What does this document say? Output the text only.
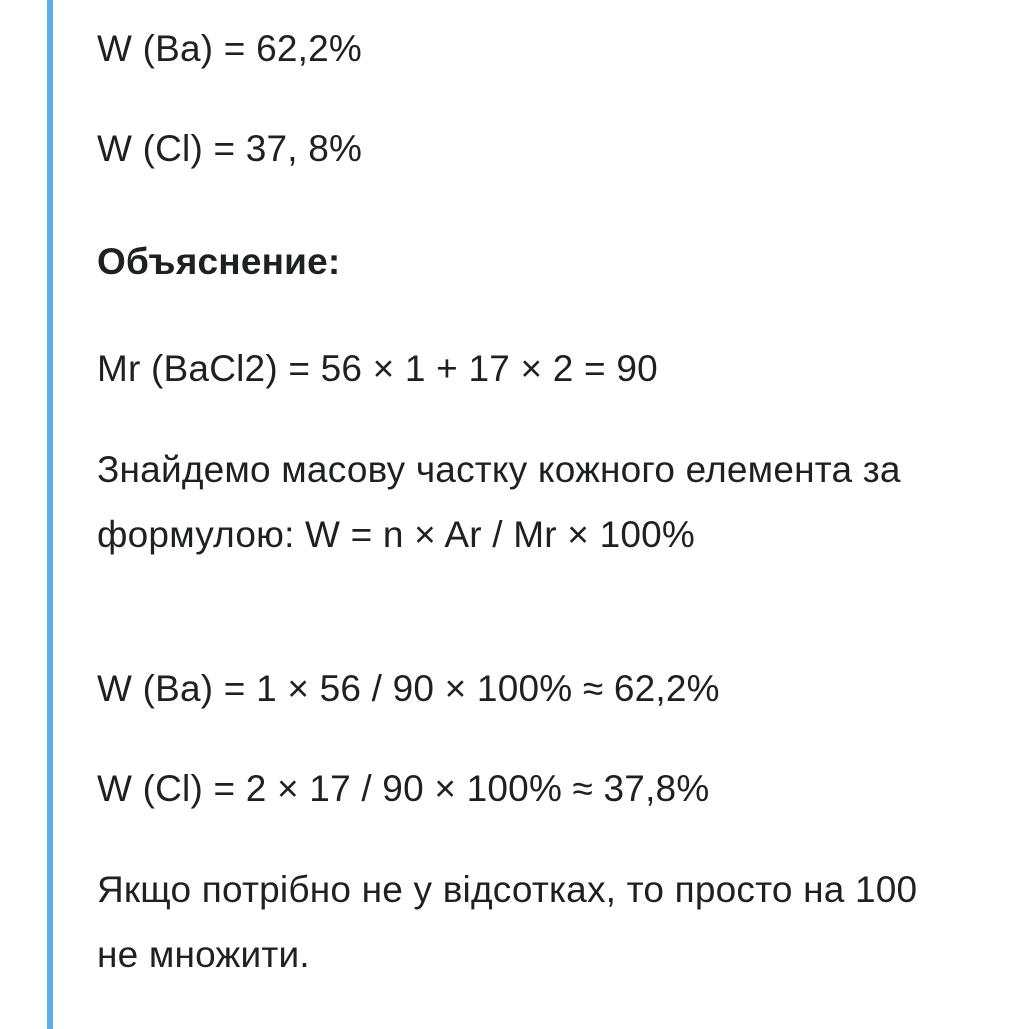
W (Ba) = 62,2%
W (Cl) = 37, 8%
Объяснение:
Mr (BaCl2) = 56 × 1 + 17 × 2 = 90
Знайдемо масову частку кожного елемента за формулою: W = n × Ar / Mr × 100%
W (Ba) = 1 × 56 / 90 × 100% ≈ 62,2%
W (Cl) = 2 × 17 / 90 × 100% ≈ 37,8%
Якщо потрібно не у відсотках, то просто на 100 не множити.
